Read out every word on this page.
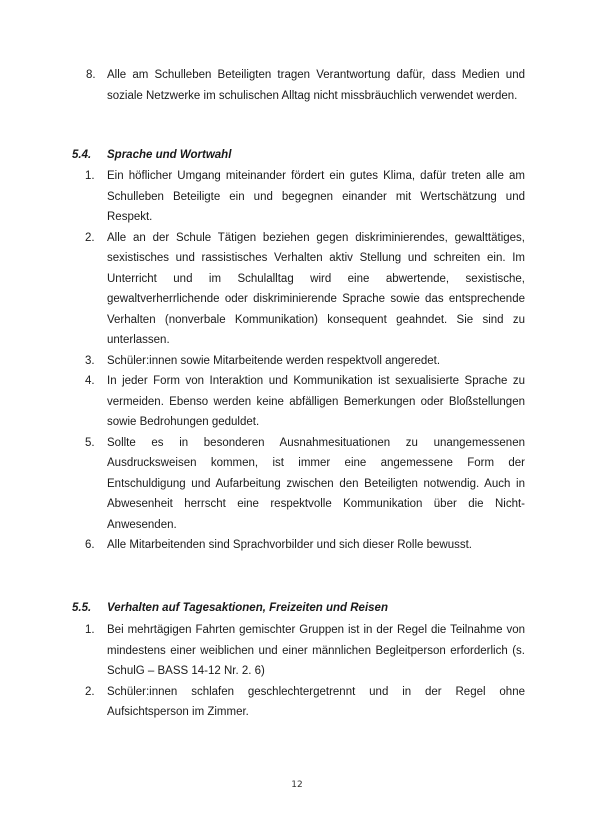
8. Alle am Schulleben Beteiligten tragen Verantwortung dafür, dass Medien und soziale Netzwerke im schulischen Alltag nicht missbräuchlich verwendet werden.
5.4. Sprache und Wortwahl
1. Ein höflicher Umgang miteinander fördert ein gutes Klima, dafür treten alle am Schulleben Beteiligte ein und begegnen einander mit Wertschätzung und Respekt.
2. Alle an der Schule Tätigen beziehen gegen diskriminierendes, gewalttätiges, sexistisches und rassistisches Verhalten aktiv Stellung und schreiten ein. Im Unterricht und im Schulalltag wird eine abwertende, sexistische, gewaltverherrlichende oder diskriminierende Sprache sowie das entsprechende Verhalten (nonverbale Kommunikation) konsequent geahndet. Sie sind zu unterlassen.
3. Schüler:innen sowie Mitarbeitende werden respektvoll angeredet.
4. In jeder Form von Interaktion und Kommunikation ist sexualisierte Sprache zu vermeiden. Ebenso werden keine abfälligen Bemerkungen oder Bloßstellungen sowie Bedrohungen geduldet.
5. Sollte es in besonderen Ausnahmesituationen zu unangemessenen Ausdrucksweisen kommen, ist immer eine angemessene Form der Entschuldigung und Aufarbeitung zwischen den Beteiligten notwendig. Auch in Abwesenheit herrscht eine respektvolle Kommunikation über die Nicht-Anwesenden.
6. Alle Mitarbeitenden sind Sprachvorbilder und sich dieser Rolle bewusst.
5.5. Verhalten auf Tagesaktionen, Freizeiten und Reisen
1. Bei mehrtägigen Fahrten gemischter Gruppen ist in der Regel die Teilnahme von mindestens einer weiblichen und einer männlichen Begleitperson erforderlich (s. SchulG – BASS 14-12 Nr. 2. 6)
2. Schüler:innen schlafen geschlechtergetrennt und in der Regel ohne Aufsichtsperson im Zimmer.
12
